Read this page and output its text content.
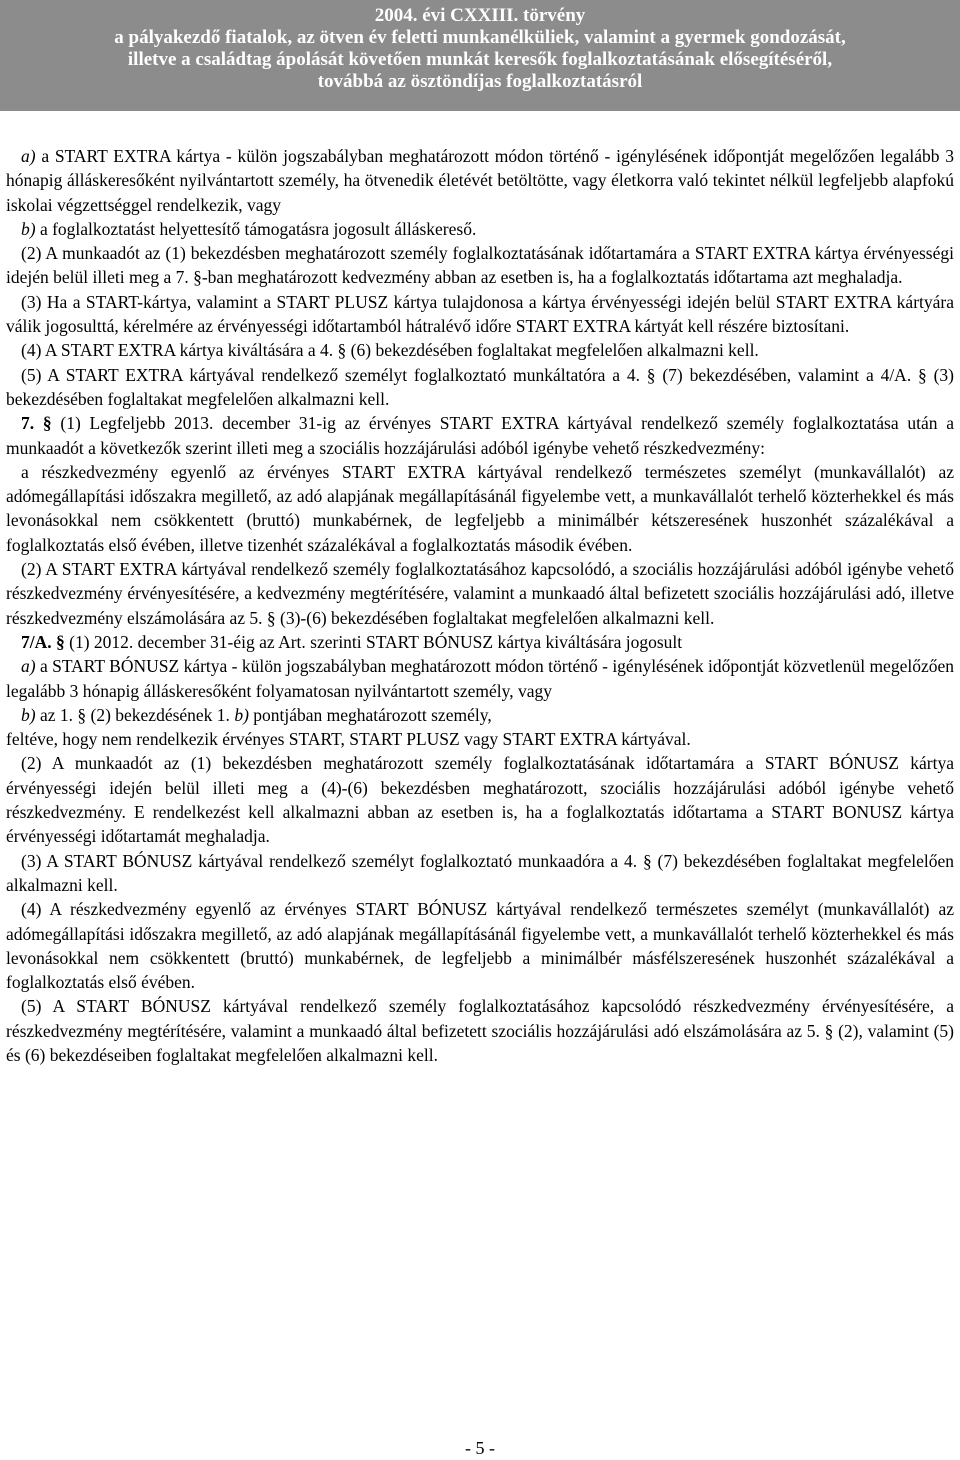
2004. évi CXXIII. törvény
a pályakezdő fiatalok, az ötven év feletti munkanélküliek, valamint a gyermek gondozását,
illetve a családtag ápolását követően munkát keresők foglalkoztatásának elősegítéséről,
továbbá az ösztöndíjas foglalkoztatásról

a) a START EXTRA kártya - külön jogszabályban meghatározott módon történő - igénylésének időpontját megelőzően legalább 3 hónapig álláskeresőként nyilvántartott személy, ha ötvenedik életévét betöltötte, vagy életkorra való tekintet nélkül legfeljebb alapfokú iskolai végzettséggel rendelkezik, vagy

b) a foglalkoztatást helyettesítő támogatásra jogosult álláskereső.

(2) A munkaadót az (1) bekezdésben meghatározott személy foglalkoztatásának időtartamára a START EXTRA kártya érvényességi idején belül illeti meg a 7. §-ban meghatározott kedvezmény abban az esetben is, ha a foglalkoztatás időtartama azt meghaladja.

(3) Ha a START-kártya, valamint a START PLUSZ kártya tulajdonosa a kártya érvényességi idején belül START EXTRA kártyára válik jogosulttá, kérelmére az érvényességi időtartamból hátralévő időre START EXTRA kártyát kell részére biztosítani.

(4) A START EXTRA kártya kiváltására a 4. § (6) bekezdésében foglaltakat megfelelően alkalmazni kell.

(5) A START EXTRA kártyával rendelkező személyt foglalkoztató munkáltatóra a 4. § (7) bekezdésében, valamint a 4/A. § (3) bekezdésében foglaltakat megfelelően alkalmazni kell.

7. § (1) Legfeljebb 2013. december 31-ig az érvényes START EXTRA kártyával rendelkező személy foglalkoztatása után a munkaadót a következők szerint illeti meg a szociális hozzájárulási adóból igénybe vehető részkedvezmény:

a részkedvezmény egyenlő az érvényes START EXTRA kártyával rendelkező természetes személyt (munkavállalót) az adómegállapítási időszakra megillető, az adó alapjának megállapításánál figyelembe vett, a munkavállalót terhelő közterhekkel és más levonásokkal nem csökkentett (bruttó) munkabérnek, de legfeljebb a minimálbér kétszeresének huszonhét százalékával a foglalkoztatás első évében, illetve tizenhét százalékával a foglalkoztatás második évében.

(2) A START EXTRA kártyával rendelkező személy foglalkoztatásához kapcsolódó, a szociális hozzájárulási adóból igénybe vehető részkedvezmény érvényesítésére, a kedvezmény megtérítésére, valamint a munkaadó által befizetett szociális hozzájárulási adó, illetve részkedvezmény elszámolására az 5. § (3)-(6) bekezdésében foglaltakat megfelelően alkalmazni kell.

7/A. § (1) 2012. december 31-éig az Art. szerinti START BÓNUSZ kártya kiváltására jogosult

a) a START BÓNUSZ kártya - külön jogszabályban meghatározott módon történő - igénylésének időpontját közvetlenül megelőzően legalább 3 hónapig álláskeresőként folyamatosan nyilvántartott személy, vagy

b) az 1. § (2) bekezdésének 1. b) pontjában meghatározott személy,

feltéve, hogy nem rendelkezik érvényes START, START PLUSZ vagy START EXTRA kártyával.

(2) A munkaadót az (1) bekezdésben meghatározott személy foglalkoztatásának időtartamára a START BÓNUSZ kártya érvényességi idején belül illeti meg a (4)-(6) bekezdésben meghatározott, szociális hozzájárulási adóból igénybe vehető részkedvezmény. E rendelkezést kell alkalmazni abban az esetben is, ha a foglalkoztatás időtartama a START BONUSZ kártya érvényességi időtartamát meghaladja.

(3) A START BÓNUSZ kártyával rendelkező személyt foglalkoztató munkaadóra a 4. § (7) bekezdésében foglaltakat megfelelően alkalmazni kell.

(4) A részkedvezmény egyenlő az érvényes START BÓNUSZ kártyával rendelkező természetes személyt (munkavállalót) az adómegállapítási időszakra megillető, az adó alapjának megállapításánál figyelembe vett, a munkavállalót terhelő közterhekkel és más levonásokkal nem csökkentett (bruttó) munkabérnek, de legfeljebb a minimálbér másfélszeresének huszonhét százalékával a foglalkoztatás első évében.

(5) A START BÓNUSZ kártyával rendelkező személy foglalkoztatásához kapcsolódó részkedvezmény érvényesítésére, a részkedvezmény megtérítésére, valamint a munkaadó által befizetett szociális hozzájárulási adó elszámolására az 5. § (2), valamint (5) és (6) bekezdéseiben foglaltakat megfelelően alkalmazni kell.

- 5 -
